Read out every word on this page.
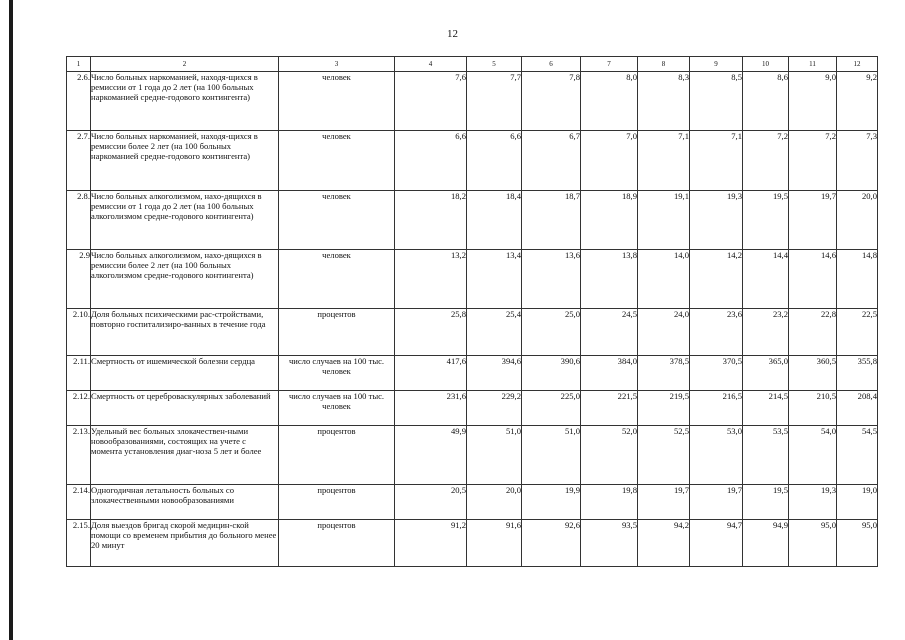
12
1	2	3	4	5	6	7	8	9	10	11	12
2.6.	Число больных наркоманией, находя-щихся в ремиссии от 1 года до 2 лет (на 100 больных наркоманией средне-годового контингента)	человек	7,6	7,7	7,8	8,0	8,3	8,5	8,6	9,0	9,2
2.7.	Число больных наркоманией, находя-щихся в ремиссии более 2 лет (на 100 больных наркоманией средне-годового контингента)	человек	6,6	6,6	6,7	7,0	7,1	7,1	7,2	7,2	7,3
2.8.	Число больных алкоголизмом, нахо-дящихся в ремиссии от 1 года до 2 лет (на 100 больных алкоголизмом средне-годового контингента)	человек	18,2	18,4	18,7	18,9	19,1	19,3	19,5	19,7	20,0
2.9	Число больных алкоголизмом, нахо-дящихся в ремиссии более 2 лет (на 100 больных алкоголизмом средне-годового контингента)	человек	13,2	13,4	13,6	13,8	14,0	14,2	14,4	14,6	14,8
2.10.	Доля больных психическими рас-стройствами, повторно госпитализиро-ванных в течение года	процентов	25,8	25,4	25,0	24,5	24,0	23,6	23,2	22,8	22,5
2.11.	Смертность от ишемической болезни сердца	число случаев на 100 тыс. человек	417,6	394,6	390,6	384,0	378,5	370,5	365,0	360,5	355,8
2.12.	Смертность от цереброваскулярных заболеваний	число случаев на 100 тыс. человек	231,6	229,2	225,0	221,5	219,5	216,5	214,5	210,5	208,4
2.13.	Удельный вес больных злокачествен-ными новообразованиями, состоящих на учете с момента установления диаг-ноза 5 лет и более	процентов	49,9	51,0	51,0	52,0	52,5	53,0	53,5	54,0	54,5
2.14.	Одногодичная летальность больных со злокачественными новообразованиями	процентов	20,5	20,0	19,9	19,8	19,7	19,7	19,5	19,3	19,0
2.15.	Доля выездов бригад скорой медицин-ской помощи со временем прибытия до больного менее 20 минут	процентов	91,2	91,6	92,6	93,5	94,2	94,7	94,9	95,0	95,0
